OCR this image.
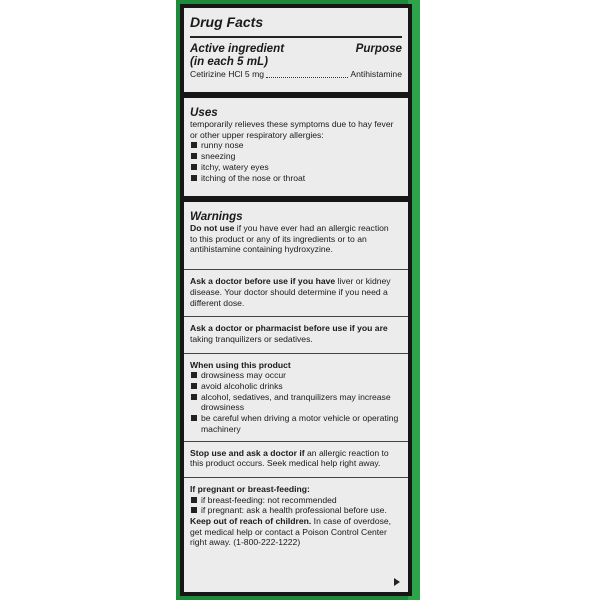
Drug Facts
Active ingredient
(in each 5 mL)
Purpose
Cetirizine HCl 5 mg	Antihistamine
Uses
temporarily relieves these symptoms due to hay fever
or other upper respiratory allergies:
runny nose
sneezing
itchy, watery eyes
itching of the nose or throat
Warnings
Do not use if you have ever had an allergic reaction
to this product or any of its ingredients or to an
antihistamine containing hydroxyzine.
Ask a doctor before use if you have liver or kidney
disease. Your doctor should determine if you need a
different dose.
Ask a doctor or pharmacist before use if you are
taking tranquilizers or sedatives.
When using this product
drowsiness may occur
avoid alcoholic drinks
alcohol, sedatives, and tranquilizers may increase
drowsiness
be careful when driving a motor vehicle or operating
machinery
Stop use and ask a doctor if an allergic reaction to
this product occurs. Seek medical help right away.
If pregnant or breast-feeding:
if breast-feeding: not recommended
if pregnant: ask a health professional before use.
Keep out of reach of children. In case of overdose,
get medical help or contact a Poison Control Center
right away. (1-800-222-1222)
